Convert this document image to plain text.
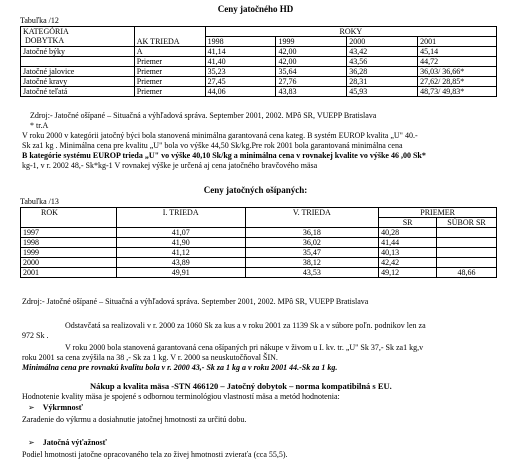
Ceny jatočného HD
Tabuľka /12
KATEGÓRIA
DOBYTKA	AK TRIEDA	ROKY			
		1998	1999	2000	2001
Jatočné býky	A	41,14	42,00	43,42	45,14
	Priemer	41,40	42,00	43,56	44,72
Jatočné jalovice	Priemer	35,23	35,64	36,28	36,03/ 36,66*
Jatočné kravy	Priemer	27,45	27,76	28,31	27,62/ 28,85*
Jatočné teľatá	Priemer	44,06	43,83	45,93	48,73/ 49,83*
Zdroj:- Jatočné ošípané – Situačná a výhľadová správa. September 2001, 2002. MPô SR, VUEPP Bratislava
* tr.A
V roku 2000 v kategórii jatočný býci bola stanovená minimálna garantovaná cena kateg. B systém EUROP kvalita „U" 40.-
Sk za1 kg . Minimálna cena pre kvalitu „U" bola vo výške 44,50 Sk/kg.Pre rok 2001 bola garantovaná minimálna cena
B kategórie systému EUROP trieda „U" vo výške 40,10 Sk/kg a minimálna cena v rovnakej kvalite vo výške 46 ,00 Sk*
kg-1, v r. 2002 48,- Sk*kg-1 V rovnakej výške je určená aj cena jatočného bravčového mäsa
Ceny jatočných ošípaných:
Tabuľka /13
ROK	I. TRIEDA	V. TRIEDA	PRIEMER	
			SR	SÚBOR SR
1997	41,07	36,18	40,28	
1998	41,90	36,02	41,44	
1999	41,12	35,47	40,13	
2000	43,89	38,12	42,42	
2001	49,91	43,53	49,12	48,66
Zdroj:- Jatočné ošípané – Situačná a výhľadová správa. September 2001, 2002. MPô SR, VUEPP Bratislava
Odstavčatá sa realizovali v r. 2000 za 1060 Sk za kus a v roku 2001 za 1139 Sk a v súbore poľn. podnikov len za
972 Sk .
V roku 2000 bola stanovená garantovaná cena ošípaných pri nákupe v živom u I. kv. tr. „U" Sk 37,- Sk za1 kg,v
roku 2001 sa cena zvýšila na 38 ,- Sk za 1 kg. V r. 2000 sa neuskutočňoval ŠIN.
Minimálna cena pre rovnakú kvalitu bola v r. 2000 43,- Sk za 1 kg a v roku 2001 44.-Sk za 1 kg.
Nákup a kvalita mäsa -STN 466120 – Jatočný dobytok – norma kompatibilná s EU.
Hodnotenie kvality mäsa je spojené s odbornou terminológiou vlastností mäsa a metód hodnotenia:
➢ Výkrmnosť
Zaradenie do výkrmu a dosiahnutie jatočnej hmotnosti za určitú dobu.
➢ Jatočná výťažnosť
Podiel hmotnosti jatočne opracovaného tela zo živej hmotnosti zvieraťa (cca 55,5).
